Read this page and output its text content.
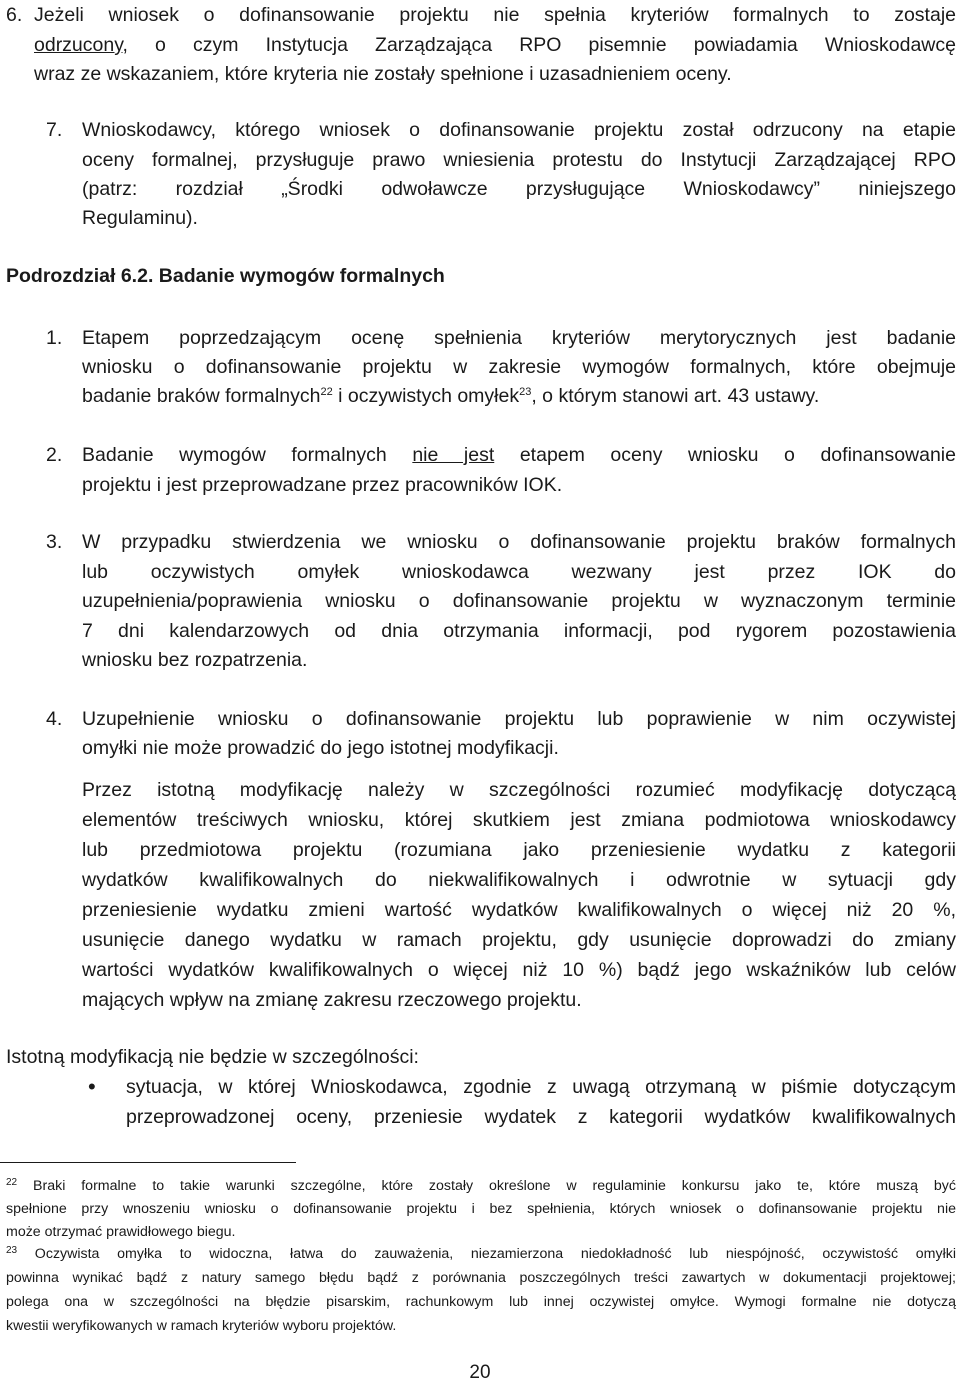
6. Jeżeli wniosek o dofinansowanie projektu nie spełnia kryteriów formalnych to zostaje
odrzucony, o czym Instytucja Zarządzająca RPO pisemnie powiadamia Wnioskodawcę
wraz ze wskazaniem, które kryteria nie zostały spełnione i uzasadnieniem oceny.
7. Wnioskodawcy, którego wniosek o dofinansowanie projektu został odrzucony na etapie
oceny formalnej, przysługuje prawo wniesienia protestu do Instytucji Zarządzającej RPO
(patrz: rozdział „Środki odwoławcze przysługujące Wnioskodawcy” niniejszego
Regulaminu).
Podrozdział 6.2. Badanie wymogów formalnych
1. Etapem poprzedzającym ocenę spełnienia kryteriów merytorycznych jest badanie
wniosku o dofinansowanie projektu w zakresie wymogów formalnych, które obejmuje
badanie braków formalnych$^{22}$ i oczywistych omyłek$^{23}$, o którym stanowi art. 43 ustawy.
2. Badanie wymogów formalnych nie jest etapem oceny wniosku o dofinansowanie
projektu i jest przeprowadzane przez pracowników IOK.
3. W przypadku stwierdzenia we wniosku o dofinansowanie projektu braków formalnych
lub oczywistych omyłek wnioskodawca wezwany jest przez IOK do
uzupełnienia/poprawienia wniosku o dofinansowanie projektu w wyznaczonym terminie
7 dni kalendarzowych od dnia otrzymania informacji, pod rygorem pozostawienia
wniosku bez rozpatrzenia.
4. Uzupełnienie wniosku o dofinansowanie projektu lub poprawienie w nim oczywistej
omyłki nie może prowadzić do jego istotnej modyfikacji.
Przez istotną modyfikację należy w szczególności rozumieć modyfikację dotyczącą
elementów treściwych wniosku, której skutkiem jest zmiana podmiotowa wnioskodawcy
lub przedmiotowa projektu (rozumiana jako przeniesienie wydatku z kategorii
wydatków kwalifikowalnych do niekwalifikowalnych i odwrotnie w sytuacji gdy
przeniesienie wydatku zmieni wartość wydatków kwalifikowalnych o więcej niż 20 %,
usunięcie danego wydatku w ramach projektu, gdy usunięcie doprowadzi do zmiany
wartości wydatków kwalifikowalnych o więcej niż 10 %) bądź jego wskaźników lub celów
mających wpływ na zmianę zakresu rzeczowego projektu.
Istotną modyfikacją nie będzie w szczególności:
• sytuacja, w której Wnioskodawca, zgodnie z uwagą otrzymaną w piśmie dotyczącym
przeprowadzonej oceny, przeniesie wydatek z kategorii wydatków kwalifikowalnych
$^{22}$ Braki formalne to takie warunki szczególne, które zostały określone w regulaminie konkursu jako te, które muszą być
spełnione przy wnoszeniu wniosku o dofinansowanie projektu i bez spełnienia, których wniosek o dofinansowanie projektu nie
może otrzymać prawidłowego biegu.
$^{23}$ Oczywista omyłka to widoczna, łatwa do zauważenia, niezamierzona niedokładność lub niespójność, oczywistość omyłki
powinna wynikać bądź z natury samego błędu bądź z porównania poszczególnych treści zawartych w dokumentacji projektowej;
polega ona w szczególności na błędzie pisarskim, rachunkowym lub innej oczywistej omyłce. Wymogi formalne nie dotyczą
kwestii weryfikowanych w ramach kryteriów wyboru projektów.
20
